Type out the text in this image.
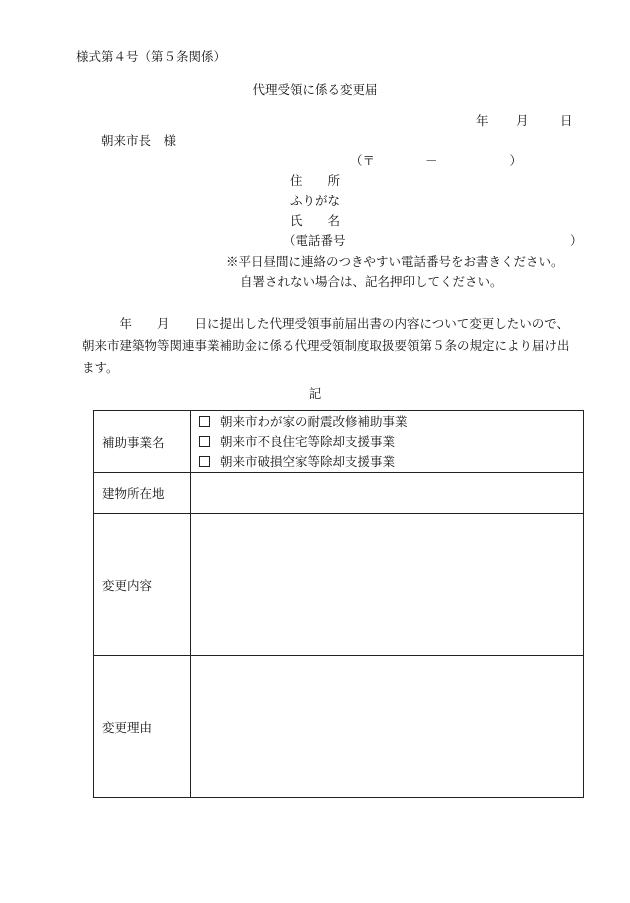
様式第４号（第５条関係）
代理受領に係る変更届
年 月	日
朝来市長　様
（〒	－	）
住　　所
ふりがな
氏　　名
（電話番号	）
※平日昼間に連絡のつきやすい電話番号をお書きください。
自署されない場合は、記名押印してください。
　　　年　　月　　日に提出した代理受領事前届出書の内容について変更したいので、朝来市建築物等関連事業補助金に係る代理受領制度取扱要領第５条の規定により届け出ます。
記
補助事業名	朝来市わが家の耐震改修補助事業
朝来市不良住宅等除却支援事業
朝来市破損空家等除却支援事業

建物所在地	
変更内容	
変更理由	
